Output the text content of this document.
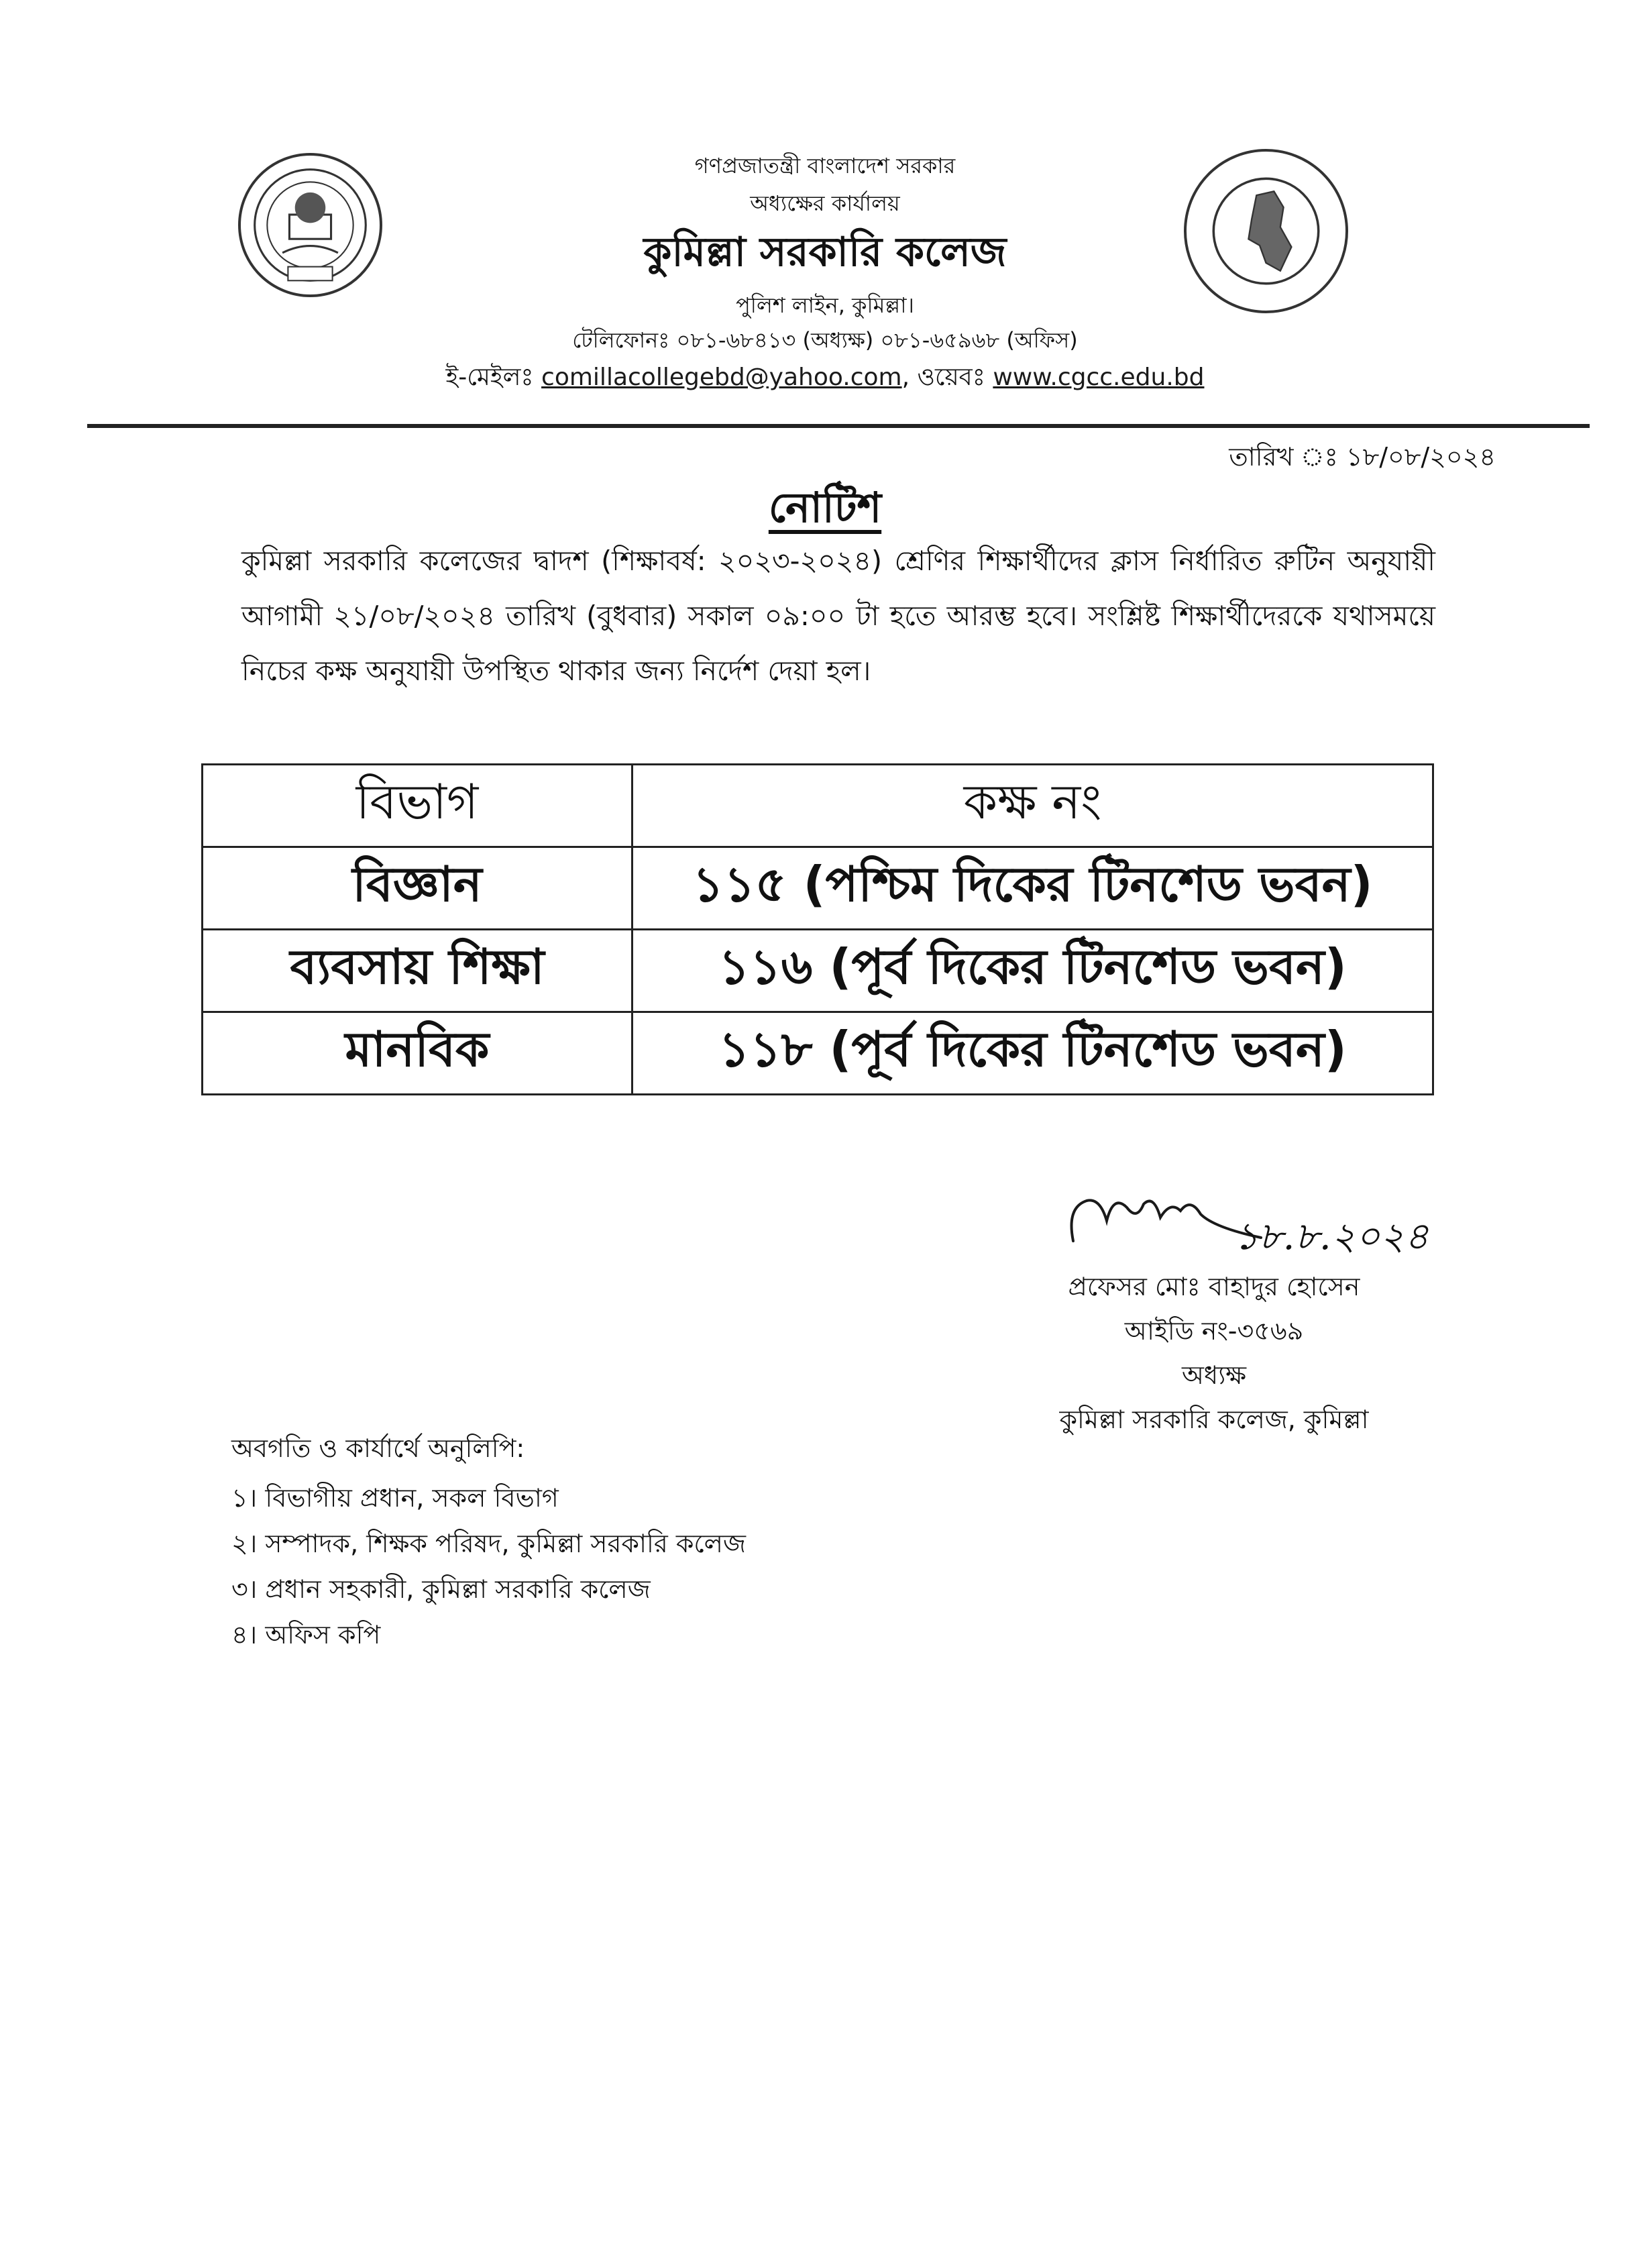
গণপ্রজাতন্ত্রী বাংলাদেশ সরকার
অধ্যক্ষের কার্যালয়
কুমিল্লা সরকারি কলেজ
পুলিশ লাইন, কুমিল্লা।
টেলিফোনঃ ০৮১-৬৮৪১৩ (অধ্যক্ষ) ০৮১-৬৫৯৬৮ (অফিস)
ই-মেইলঃ comillacollegebd@yahoo.com, ওয়েবঃ www.cgcc.edu.bd
তারিখ ঃ ১৮/০৮/২০২৪
নোটিশ
কুমিল্লা সরকারি কলেজের দ্বাদশ (শিক্ষাবর্ষ: ২০২৩-২০২৪) শ্রেণির শিক্ষার্থীদের ক্লাস নির্ধারিত রুটিন অনুযায়ী আগামী ২১/০৮/২০২৪ তারিখ (বুধবার) সকাল ০৯:০০ টা হতে আরম্ভ হবে। সংশ্লিষ্ট শিক্ষার্থীদেরকে যথাসময়ে নিচের কক্ষ অনুযায়ী উপস্থিত থাকার জন্য নির্দেশ দেয়া হল।
বিভাগ	কক্ষ নং
বিজ্ঞান	১১৫ (পশ্চিম দিকের টিনশেড ভবন)
ব্যবসায় শিক্ষা	১১৬ (পূর্ব দিকের টিনশেড ভবন)
মানবিক	১১৮ (পূর্ব দিকের টিনশেড ভবন)
১৮.৮.২০২৪
প্রফেসর মোঃ বাহাদুর হোসেন
আইডি নং-৩৫৬৯
অধ্যক্ষ
কুমিল্লা সরকারি কলেজ, কুমিল্লা
অবগতি ও কার্যার্থে অনুলিপি:
১। বিভাগীয় প্রধান, সকল বিভাগ
২। সম্পাদক, শিক্ষক পরিষদ, কুমিল্লা সরকারি কলেজ
৩। প্রধান সহকারী, কুমিল্লা সরকারি কলেজ
৪। অফিস কপি
